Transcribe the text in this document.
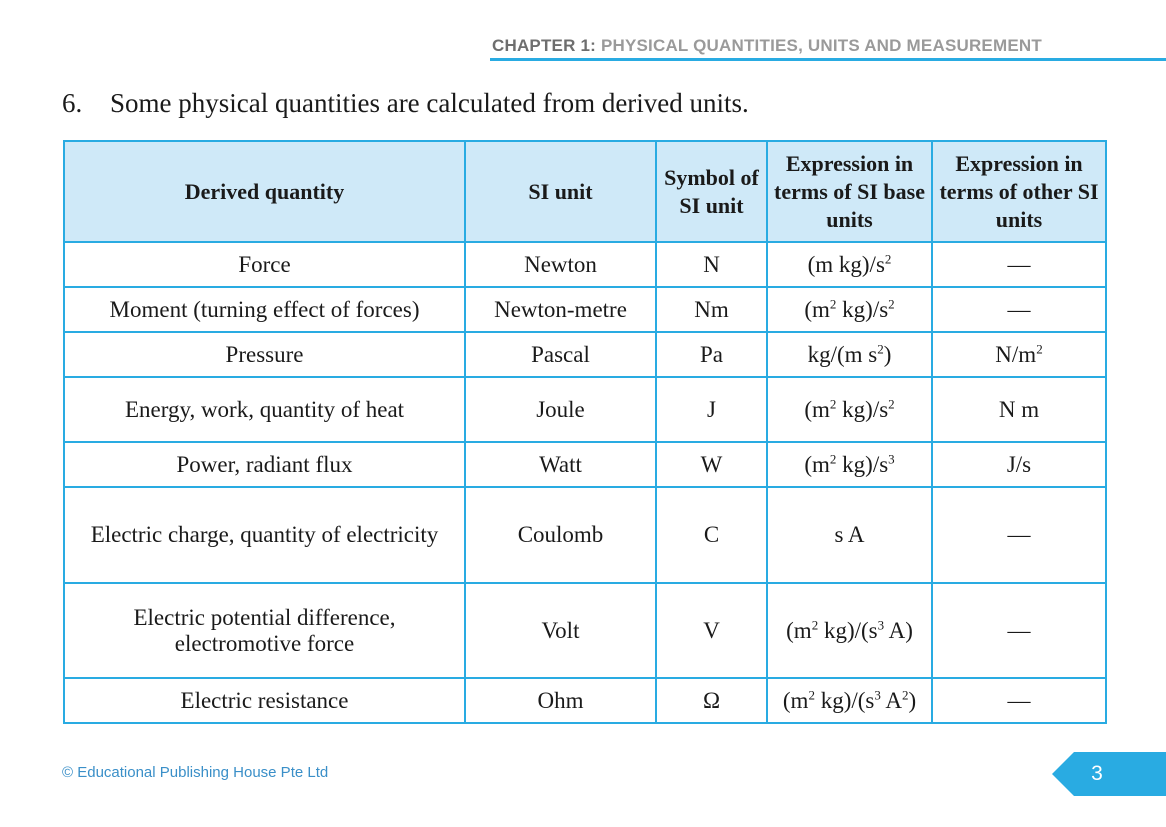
CHAPTER 1: PHYSICAL QUANTITIES, UNITS AND MEASUREMENT
6. Some physical quantities are calculated from derived units.
Derived quantity	SI unit	Symbol of SI unit	Expression in terms of SI base units	Expression in terms of other SI units
Force	Newton	N	(m $kg)/s^2$	—
Moment (turning effect of forces)	Newton-metre	Nm	($m^2$ $kg)/s^2$	—
Pressure	Pascal	Pa	kg/(m $s^2$)	$N/m^2$
Energy, work, quantity of heat	Joule	J	($m^2$ $kg)/s^2$	N m
Power, radiant flux	Watt	W	($m^2$ $kg)/s^3$	J/s
Electric charge, quantity of electricity	Coulomb	C	s A	—
Electric potential difference, electromotive force	Volt	V	($m^2$ $kg)/(s^3$ A)	—
Electric resistance	Ohm	Ω	($m^2$ $kg)/(s^3$ $A^2$)	—
© Educational Publishing House Pte Ltd	3
